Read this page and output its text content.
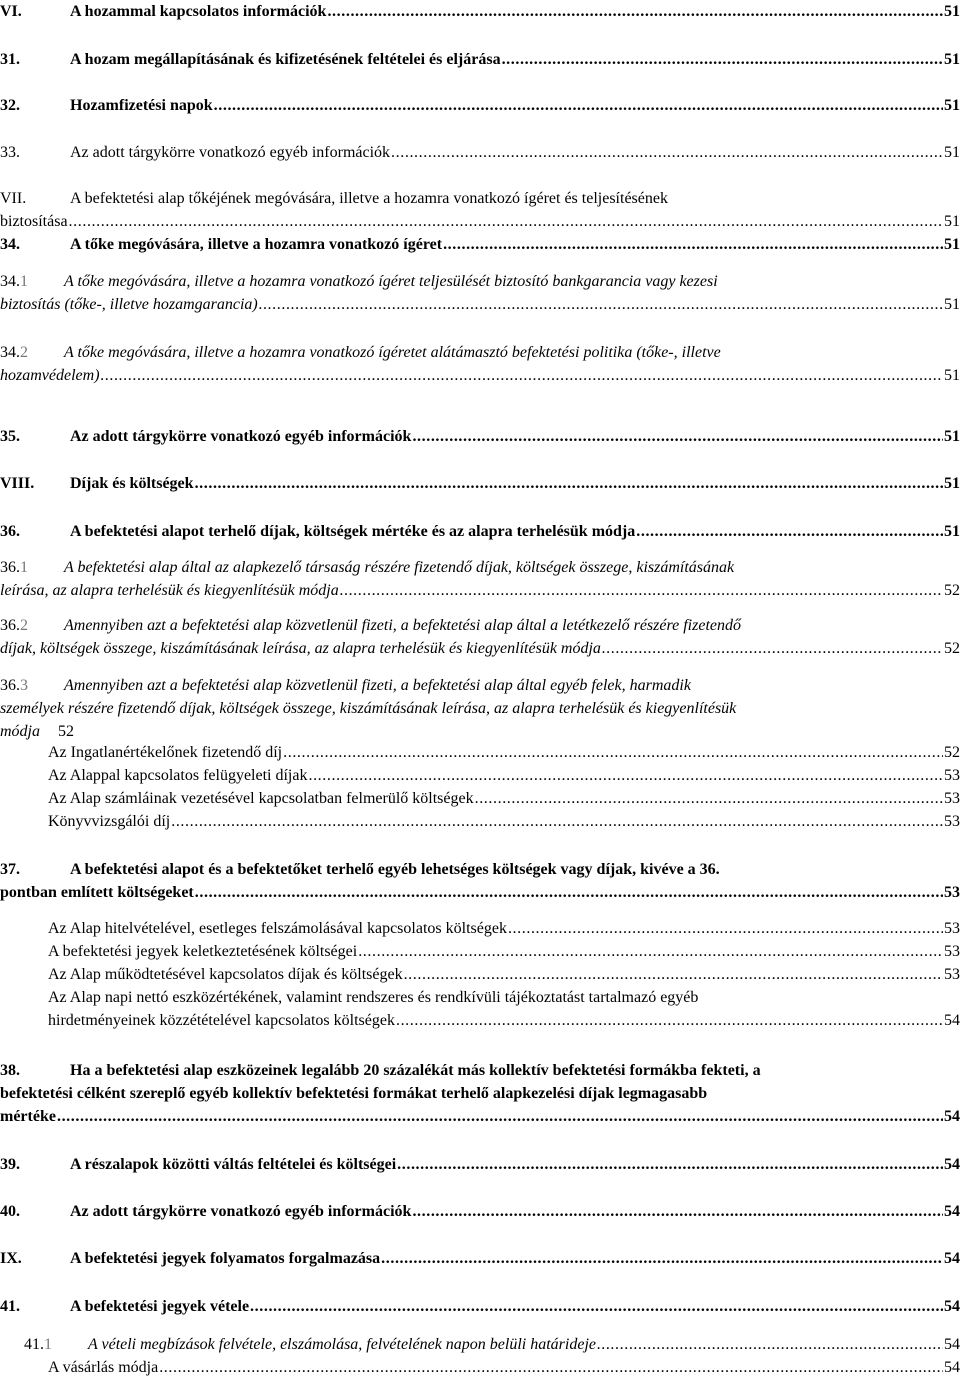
VI.	A hozammal kapcsolatos információk .....	51
31.	A hozam megállapításának és kifizetésének feltételei és eljárása .....	51
32.	Hozamfizetési napok .....	51
33.	Az adott tárgykörre vonatkozó egyéb információk .....	51
VII.	A befektetési alap tőkéjének megóvására, illetve a hozamra vonatkozó ígéret és teljesítésének
biztosítása .....	51
34.	A tőke megóvására, illetve a hozamra vonatkozó ígéret .....	51
34.1	A tőke megóvására, illetve a hozamra vonatkozó ígéret teljesülését biztosító bankgarancia vagy kezesi
biztosítás (tőke-, illetve hozamgarancia) .....	51
34.2	A tőke megóvására, illetve a hozamra vonatkozó ígéretet alátámasztó befektetési politika (tőke-, illetve
hozamvédelem) .....	51
35.	Az adott tárgykörre vonatkozó egyéb információk .....	51
VIII.	Díjak és költségek .....	51
36.	A befektetési alapot terhelő díjak, költségek mértéke és az alapra terhelésük módja .....	51
36.1	A befektetési alap által az alapkezelő társaság részére fizetendő díjak, költségek összege, kiszámításának
leírása, az alapra terhelésük és kiegyenlítésük módja .....	52
36.2	Amennyiben azt a befektetési alap közvetlenül fizeti, a befektetési alap által a letétkezelő részére fizetendő
díjak, költségek összege, kiszámításának leírása, az alapra terhelésük és kiegyenlítésük módja .....	52
36.3	Amennyiben azt a befektetési alap közvetlenül fizeti, a befektetési alap által egyéb felek, harmadik
személyek részére fizetendő díjak, költségek összege, kiszámításának leírása, az alapra terhelésük és kiegyenlítésük
módja 52
Az Ingatlanértékelőnek fizetendő díj .....	52
Az Alappal kapcsolatos felügyeleti díjak .....	53
Az Alap számláinak vezetésével kapcsolatban felmerülő költségek .....	53
Könyvvizsgálói díj .....	53
37.	A befektetési alapot és a befektetőket terhelő egyéb lehetséges költségek vagy díjak, kivéve a 36.
pontban említett költségeket .....	53
Az Alap hitelvételével, esetleges felszámolásával kapcsolatos költségek .....	53
A befektetési jegyek keletkeztetésének költségei .....	53
Az Alap működtetésével kapcsolatos díjak és költségek .....	53
Az Alap napi nettó eszközértékének, valamint rendszeres és rendkívüli tájékoztatást tartalmazó egyéb
hirdetményeinek közzétételével kapcsolatos költségek .....	54
38.	Ha a befektetési alap eszközeinek legalább 20 százalékát más kollektív befektetési formákba fekteti, a
befektetési célként szereplő egyéb kollektív befektetési formákat terhelő alapkezelési díjak legmagasabb
mértéke .....	54
39.	A részalapok közötti váltás feltételei és költségei .....	54
40.	Az adott tárgykörre vonatkozó egyéb információk .....	54
IX.	A befektetési jegyek folyamatos forgalmazása .....	54
41.	A befektetési jegyek vétele .....	54
41.1	A vételi megbízások felvétele, elszámolása, felvételének napon belüli határideje .....	54
A vásárlás módja .....	54
